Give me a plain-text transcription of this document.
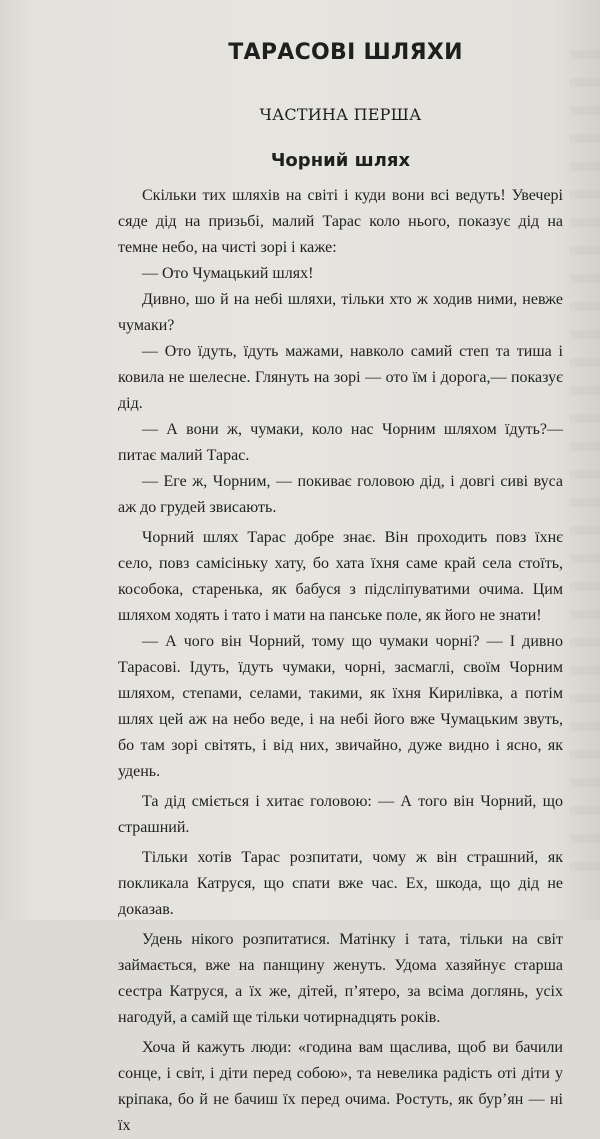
ТАРАСОВІ ШЛЯХИ
ЧАСТИНА ПЕРША
Чорний шлях

Скільки тих шляхів на світі і куди вони всі ведуть! Увечері сяде дід на призьбі, малий Тарас коло нього, показує дід на темне небо, на чисті зорі і каже:

— Ото Чумацький шлях!

Дивно, шо й на небі шляхи, тільки хто ж ходив ними, невже чумаки?

— Ото їдуть, їдуть мажами, навколо самий степ та тиша і ковила не шелесне. Глянуть на зорі — ото їм і дорога,— показує дід.

— А вони ж, чумаки, коло нас Чорним шляхом їдуть?— питає малий Тарас.

— Еге ж, Чорним, — покиває головою дід, і довгі сиві вуса аж до грудей звисають.

Чорний шлях Тарас добре знає. Він проходить повз їхнє село, повз самісіньку хату, бо хата їхня саме край села стоїть, кособока, старенька, як бабуся з підсліпуватими очима. Цим шляхом ходять і тато і мати на панське поле, як його не знати!

— А чого він Чорний, тому що чумаки чорні? — І дивно Тарасові. Ідуть, їдуть чумаки, чорні, засмаглі, своїм Чорним шляхом, степами, селами, такими, як їхня Кирилівка, а потім шлях цей аж на небо веде, і на небі його вже Чумацьким звуть, бо там зорі світять, і від них, звичайно, дуже видно і ясно, як удень.

Та дід сміється і хитає головою: — А того він Чорний, що страшний.

Тільки хотів Тарас розпитати, чому ж він страшний, як покликала Катруся, що спати вже час. Ех, шкода, що дід не доказав.

Удень нікого розпитатися. Матінку і тата, тільки на світ займається, вже на панщину женуть. Удома хазяйнує старша сестра Катруся, а їх же, дітей, п’ятеро, за всіма доглянь, усіх нагодуй, а самій ще тільки чотирнадцять років.

Хоча й кажуть люди: «година вам щаслива, щоб ви бачили сонце, і світ, і діти перед собою», та невелика радість оті діти у кріпака, бо й не бачиш їх перед очима. Ростуть, як бур’ян — ні їх
